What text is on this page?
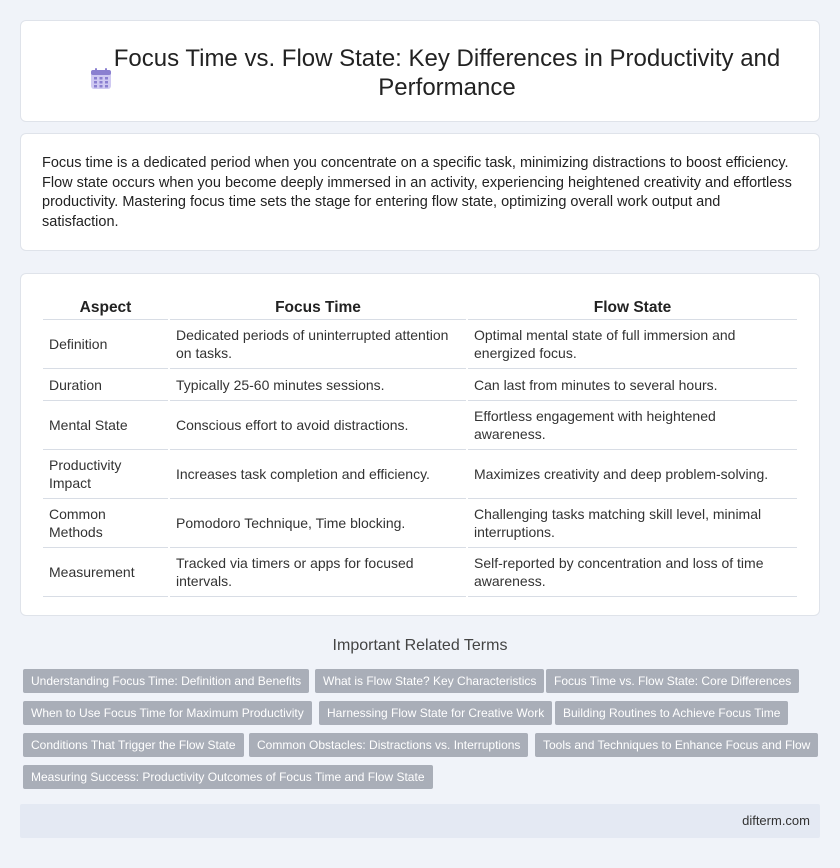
Focus Time vs. Flow State: Key Differences in Productivity and Performance

Focus time is a dedicated period when you concentrate on a specific task, minimizing distractions to boost efficiency. Flow state occurs when you become deeply immersed in an activity, experiencing heightened creativity and effortless productivity. Mastering focus time sets the stage for entering flow state, optimizing overall work output and satisfaction.

Aspect	Focus Time	Flow State
Definition	Dedicated periods of uninterrupted attention on tasks.	Optimal mental state of full immersion and energized focus.
Duration	Typically 25-60 minutes sessions.	Can last from minutes to several hours.
Mental State	Conscious effort to avoid distractions.	Effortless engagement with heightened awareness.
Productivity Impact	Increases task completion and efficiency.	Maximizes creativity and deep problem-solving.
Common Methods	Pomodoro Technique, Time blocking.	Challenging tasks matching skill level, minimal interruptions.
Measurement	Tracked via timers or apps for focused intervals.	Self-reported by concentration and loss of time awareness.
Important Related Terms
Understanding Focus Time: Definition and Benefits	What is Flow State? Key Characteristics	Focus Time vs. Flow State: Core Differences
When to Use Focus Time for Maximum Productivity	Harnessing Flow State for Creative Work	Building Routines to Achieve Focus Time
Conditions That Trigger the Flow State	Common Obstacles: Distractions vs. Interruptions	Tools and Techniques to Enhance Focus and Flow
Measuring Success: Productivity Outcomes of Focus Time and Flow State
difterm.com
